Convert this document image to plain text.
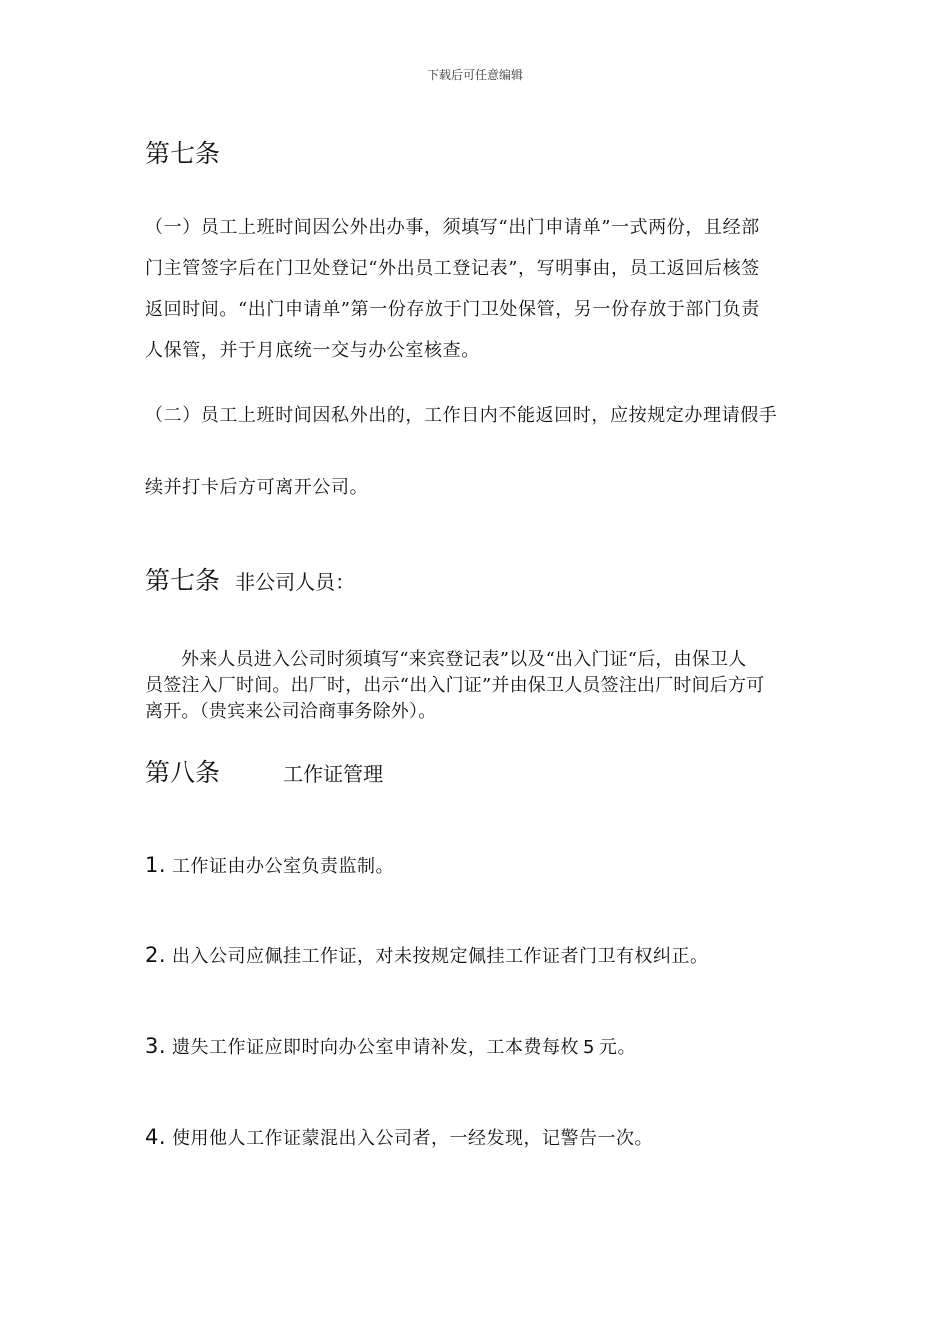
下载后可任意编辑
第七条
（一）员工上班时间因公外出办事，须填写“出门申请单”一式两份，且经部
门主管签字后在门卫处登记“外出员工登记表”，写明事由，员工返回后核签
返回时间。“出门申请单”第一份存放于门卫处保管，另一份存放于部门负责
人保管，并于月底统一交与办公室核查。
（二）员工上班时间因私外出的，工作日内不能返回时，应按规定办理请假手
续并打卡后方可离开公司。
第七条 非公司人员：
外来人员进入公司时须填写“来宾登记表”以及“出入门证“后，由保卫人
员签注入厂时间。出厂时，出示“出入门证”并由保卫人员签注出厂时间后方可
离开。（贵宾来公司洽商事务除外）。
第八条	工作证管理
1. 工作证由办公室负责监制。
2. 出入公司应佩挂工作证，对未按规定佩挂工作证者门卫有权纠正。
3. 遗失工作证应即时向办公室申请补发，工本费每枚 5 元。
4. 使用他人工作证蒙混出入公司者，一经发现，记警告一次。
